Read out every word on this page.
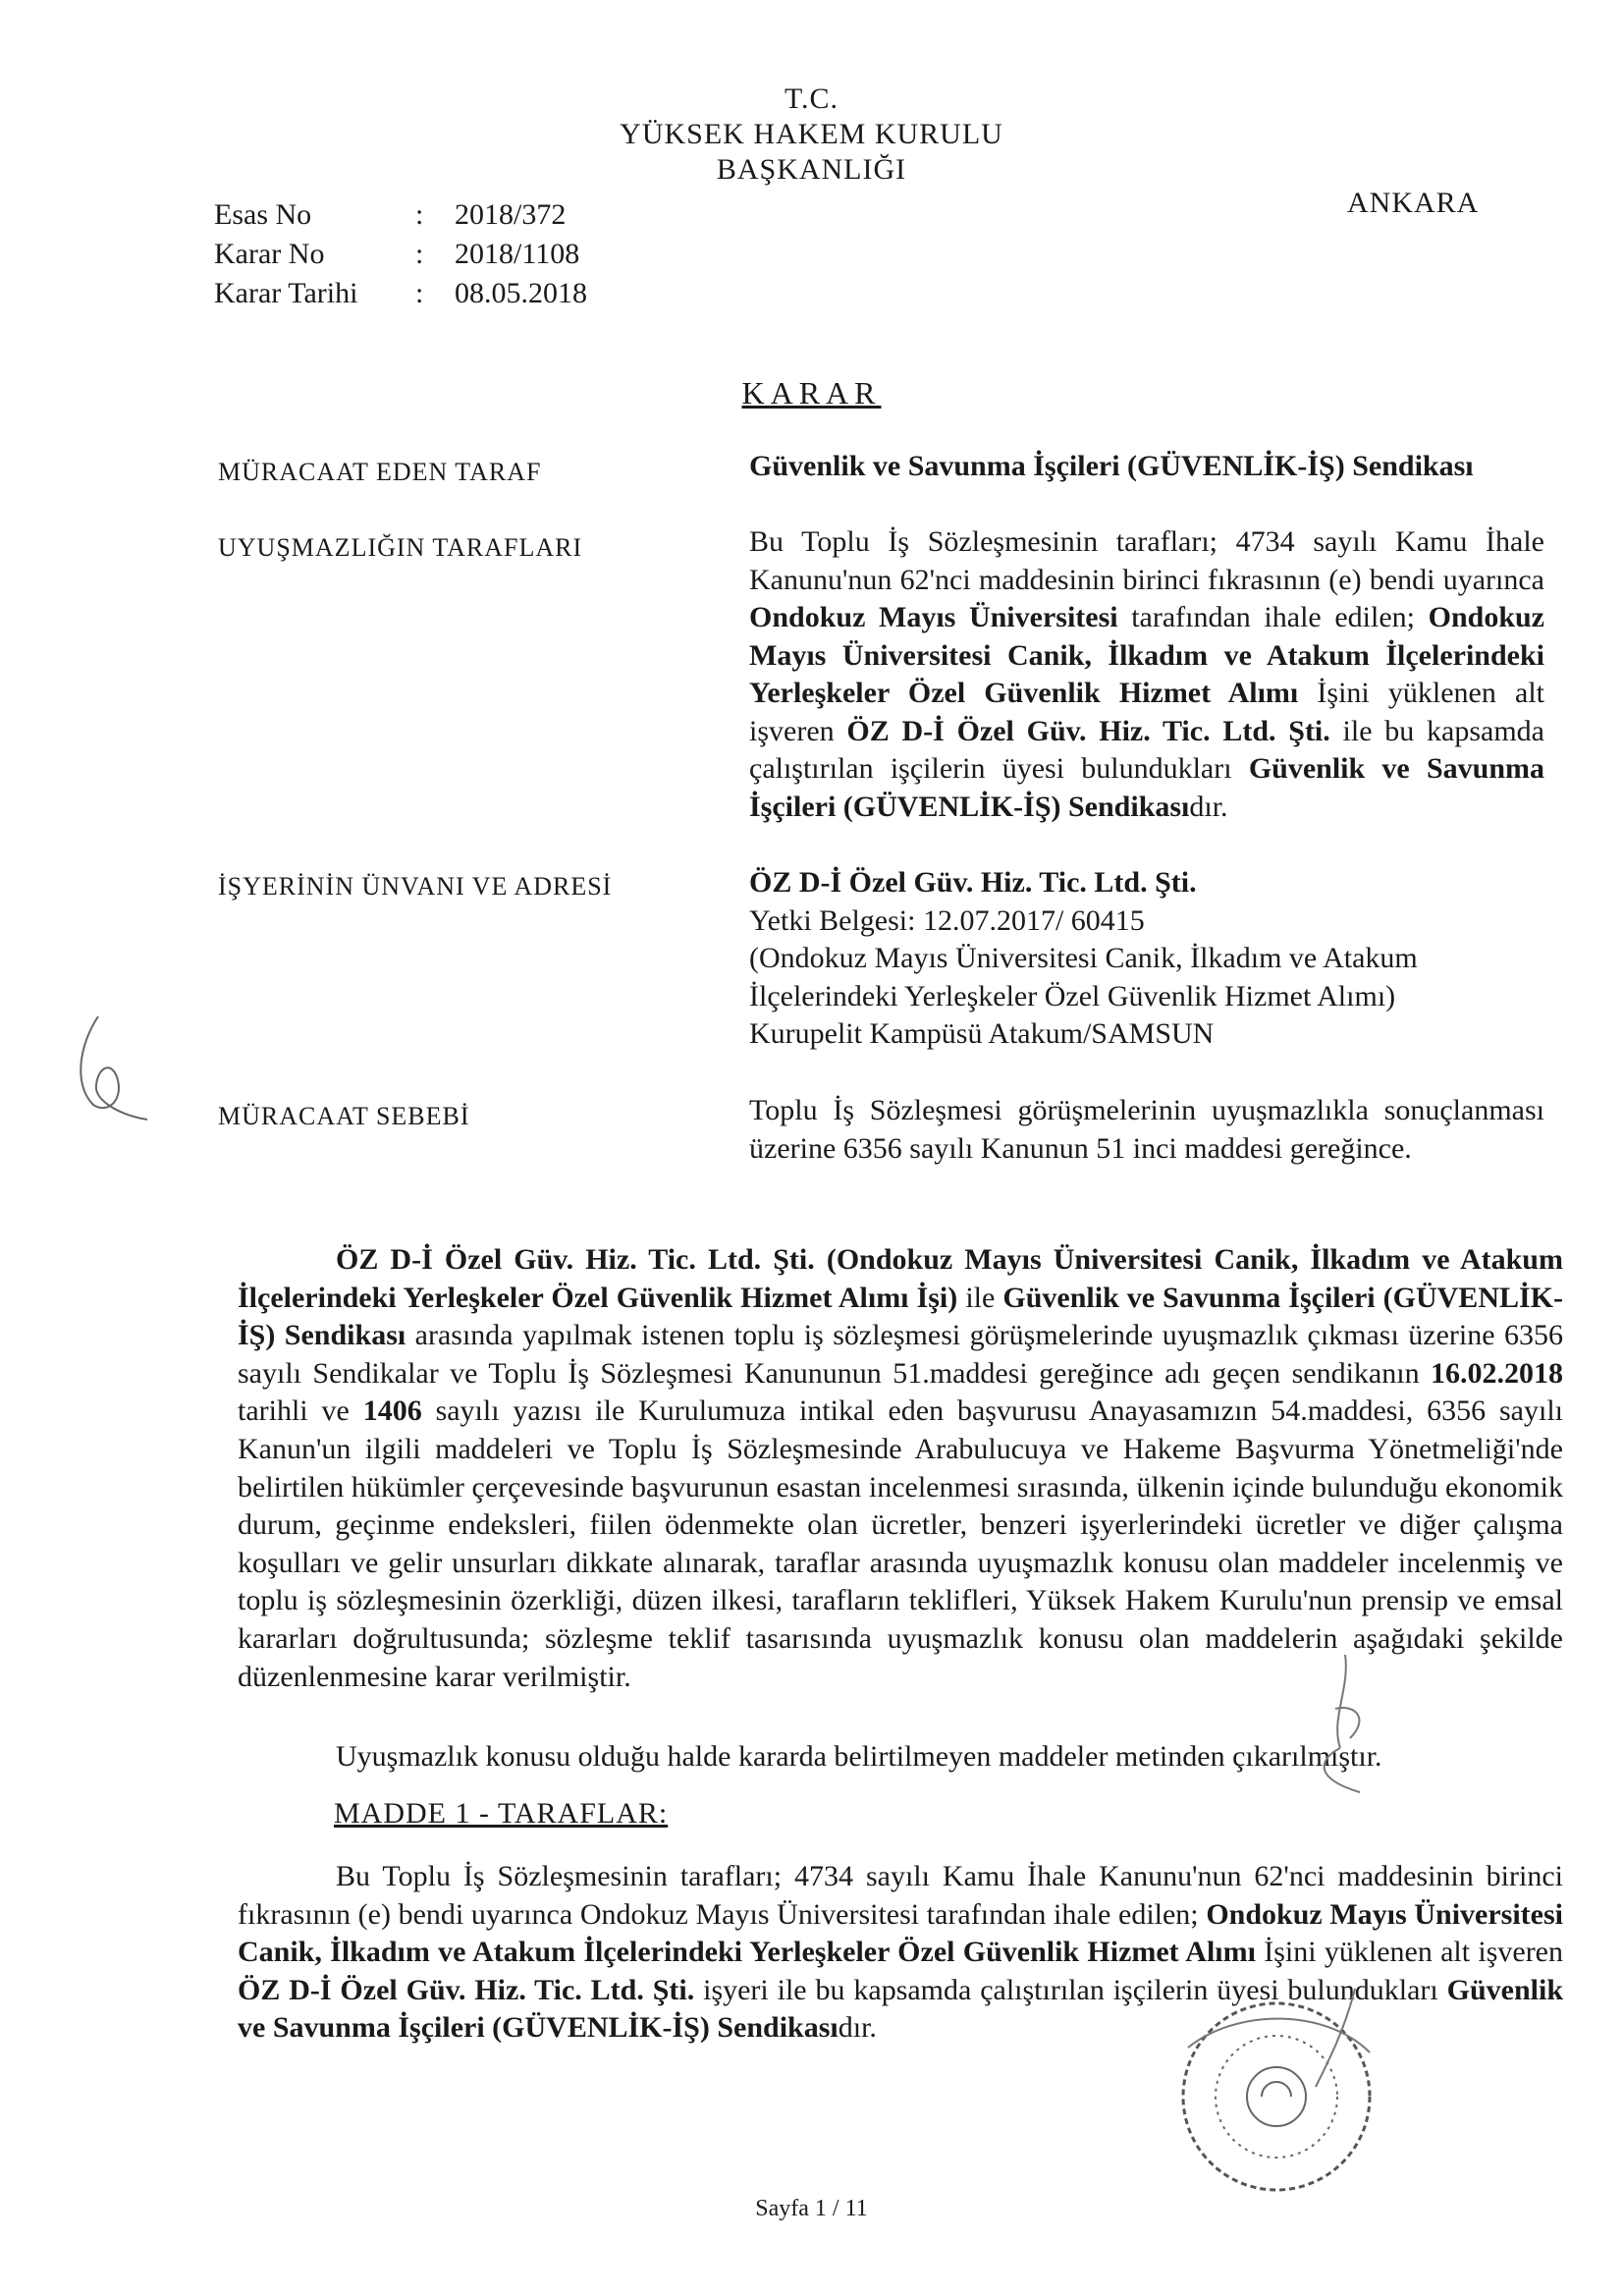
T.C.
YÜKSEK HAKEM KURULU
BAŞKANLIĞI
ANKARA
Esas No	: 2018/372
Karar No	: 2018/1108
Karar Tarihi : 08.05.2018
KARAR
MÜRACAAT EDEN TARAF
UYUŞMAZLIĞIN TARAFLARI
İŞYERİNİN ÜNVANI VE ADRESİ
MÜRACAAT SEBEBİ
Güvenlik ve Savunma İşçileri (GÜVENLİK-İŞ) Sendikası
Bu Toplu İş Sözleşmesinin tarafları; 4734 sayılı Kamu İhale Kanunu'nun 62'nci maddesinin birinci fıkrasının (e) bendi uyarınca Ondokuz Mayıs Üniversitesi tarafından ihale edilen; Ondokuz Mayıs Üniversitesi Canik, İlkadım ve Atakum İlçelerindeki Yerleşkeler Özel Güvenlik Hizmet Alımı İşini yüklenen alt işveren ÖZ D-İ Özel Güv. Hiz. Tic. Ltd. Şti. ile bu kapsamda çalıştırılan işçilerin üyesi bulundukları Güvenlik ve Savunma İşçileri (GÜVENLİK-İŞ) Sendikasıdır.
ÖZ D-İ Özel Güv. Hiz. Tic. Ltd. Şti.
Yetki Belgesi: 12.07.2017/ 60415
(Ondokuz Mayıs Üniversitesi Canik, İlkadım ve Atakum İlçelerindeki Yerleşkeler Özel Güvenlik Hizmet Alımı)
Kurupelit Kampüsü Atakum/SAMSUN
Toplu İş Sözleşmesi görüşmelerinin uyuşmazlıkla sonuçlanması üzerine 6356 sayılı Kanunun 51 inci maddesi gereğince.
ÖZ D-İ Özel Güv. Hiz. Tic. Ltd. Şti. (Ondokuz Mayıs Üniversitesi Canik, İlkadım ve Atakum İlçelerindeki Yerleşkeler Özel Güvenlik Hizmet Alımı İşi) ile Güvenlik ve Savunma İşçileri (GÜVENLİK-İŞ) Sendikası arasında yapılmak istenen toplu iş sözleşmesi görüşmelerinde uyuşmazlık çıkması üzerine 6356 sayılı Sendikalar ve Toplu İş Sözleşmesi Kanununun 51.maddesi gereğince adı geçen sendikanın 16.02.2018 tarihli ve 1406 sayılı yazısı ile Kurulumuza intikal eden başvurusu Anayasamızın 54.maddesi, 6356 sayılı Kanun'un ilgili maddeleri ve Toplu İş Sözleşmesinde Arabulucuya ve Hakeme Başvurma Yönetmeliği'nde belirtilen hükümler çerçevesinde başvurunun esastan incelenmesi sırasında, ülkenin içinde bulunduğu ekonomik durum, geçinme endeksleri, fiilen ödenmekte olan ücretler, benzeri işyerlerindeki ücretler ve diğer çalışma koşulları ve gelir unsurları dikkate alınarak, taraflar arasında uyuşmazlık konusu olan maddeler incelenmiş ve toplu iş sözleşmesinin özerkliği, düzen ilkesi, tarafların teklifleri, Yüksek Hakem Kurulu'nun prensip ve emsal kararları doğrultusunda; sözleşme teklif tasarısında uyuşmazlık konusu olan maddelerin aşağıdaki şekilde düzenlenmesine karar verilmiştir.
Uyuşmazlık konusu olduğu halde kararda belirtilmeyen maddeler metinden çıkarılmıştır.
MADDE 1 - TARAFLAR:
Bu Toplu İş Sözleşmesinin tarafları; 4734 sayılı Kamu İhale Kanunu'nun 62'nci maddesinin birinci fıkrasının (e) bendi uyarınca Ondokuz Mayıs Üniversitesi tarafından ihale edilen; Ondokuz Mayıs Üniversitesi Canik, İlkadım ve Atakum İlçelerindeki Yerleşkeler Özel Güvenlik Hizmet Alımı İşini yüklenen alt işveren ÖZ D-İ Özel Güv. Hiz. Tic. Ltd. Şti. işyeri ile bu kapsamda çalıştırılan işçilerin üyesi bulundukları Güvenlik ve Savunma İşçileri (GÜVENLİK-İŞ) Sendikasıdır.
Sayfa 1 / 11
